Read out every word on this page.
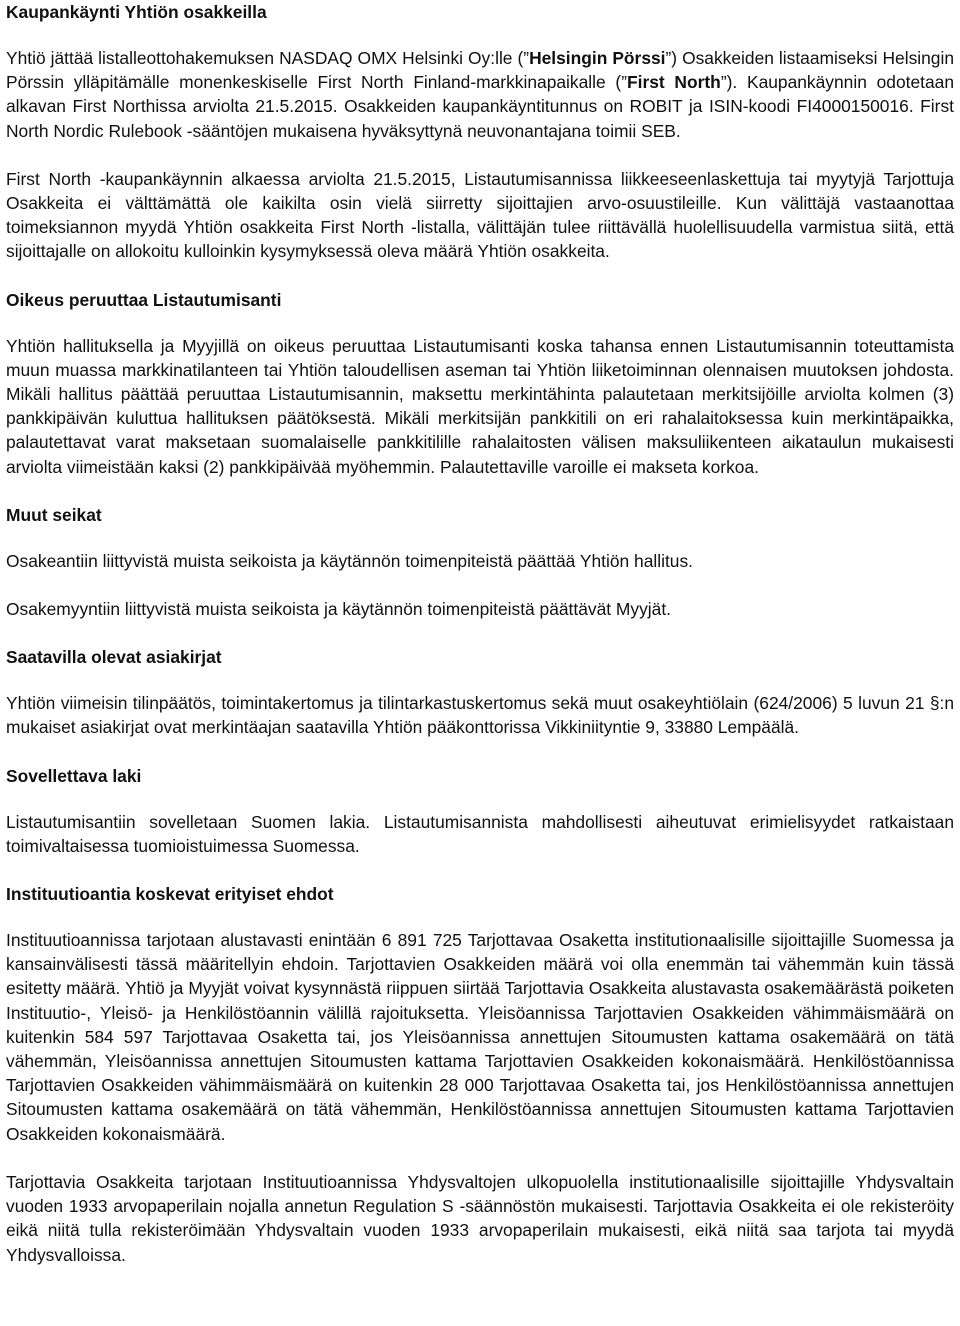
Kaupankäynti Yhtiön osakkeilla

Yhtiö jättää listalleottohakemuksen NASDAQ OMX Helsinki Oy:lle (”Helsingin Pörssi”) Osakkeiden listaamiseksi Helsingin Pörssin ylläpitämälle monenkeskiselle First North Finland-markkinapaikalle (”First North”). Kaupankäynnin odotetaan alkavan First Northissa arviolta 21.5.2015. Osakkeiden kaupankäyntitunnus on ROBIT ja ISIN-koodi FI4000150016. First North Nordic Rulebook -sääntöjen mukaisena hyväksyttynä neuvonantajana toimii SEB.

First North -kaupankäynnin alkaessa arviolta 21.5.2015, Listautumisannissa liikkeeseenlaskettuja tai myytyjä Tarjottuja Osakkeita ei välttämättä ole kaikilta osin vielä siirretty sijoittajien arvo-osuustileille. Kun välittäjä vastaanottaa toimeksiannon myydä Yhtiön osakkeita First North -listalla, välittäjän tulee riittävällä huolellisuudella varmistua siitä, että sijoittajalle on allokoitu kulloinkin kysymyksessä oleva määrä Yhtiön osakkeita.

Oikeus peruuttaa Listautumisanti

Yhtiön hallituksella ja Myyjillä on oikeus peruuttaa Listautumisanti koska tahansa ennen Listautumisannin toteuttamista muun muassa markkinatilanteen tai Yhtiön taloudellisen aseman tai Yhtiön liiketoiminnan olennaisen muutoksen johdosta. Mikäli hallitus päättää peruuttaa Listautumisannin, maksettu merkintähinta palautetaan merkitsijöille arviolta kolmen (3) pankkipäivän kuluttua hallituksen päätöksestä. Mikäli merkitsijän pankkitili on eri rahalaitoksessa kuin merkintäpaikka, palautettavat varat maksetaan suomalaiselle pankkitilille rahalaitosten välisen maksuliikenteen aikataulun mukaisesti arviolta viimeistään kaksi (2) pankkipäivää myöhemmin. Palautettaville varoille ei makseta korkoa.

Muut seikat

Osakeantiin liittyvistä muista seikoista ja käytännön toimenpiteistä päättää Yhtiön hallitus.

Osakemyyntiin liittyvistä muista seikoista ja käytännön toimenpiteistä päättävät Myyjät.

Saatavilla olevat asiakirjat

Yhtiön viimeisin tilinpäätös, toimintakertomus ja tilintarkastuskertomus sekä muut osakeyhtiölain (624/2006) 5 luvun 21 §:n mukaiset asiakirjat ovat merkintäajan saatavilla Yhtiön pääkonttorissa Vikkiniityntie 9, 33880 Lempäälä.

Sovellettava laki

Listautumisantiin sovelletaan Suomen lakia. Listautumisannista mahdollisesti aiheutuvat erimielisyydet ratkaistaan toimivaltaisessa tuomioistuimessa Suomessa.

Instituutioantia koskevat erityiset ehdot

Instituutioannissa tarjotaan alustavasti enintään 6 891 725 Tarjottavaa Osaketta institutionaalisille sijoittajille Suomessa ja kansainvälisesti tässä määritellyin ehdoin. Tarjottavien Osakkeiden määrä voi olla enemmän tai vähemmän kuin tässä esitetty määrä. Yhtiö ja Myyjät voivat kysynnästä riippuen siirtää Tarjottavia Osakkeita alustavasta osakemäärästä poiketen Instituutio-, Yleisö- ja Henkilöstöannin välillä rajoituksetta. Yleisöannissa Tarjottavien Osakkeiden vähimmäismäärä on kuitenkin 584 597 Tarjottavaa Osaketta tai, jos Yleisöannissa annettujen Sitoumusten kattama osakemäärä on tätä vähemmän, Yleisöannissa annettujen Sitoumusten kattama Tarjottavien Osakkeiden kokonaismäärä. Henkilöstöannissa Tarjottavien Osakkeiden vähimmäismäärä on kuitenkin 28 000 Tarjottavaa Osaketta tai, jos Henkilöstöannissa annettujen Sitoumusten kattama osakemäärä on tätä vähemmän, Henkilöstöannissa annettujen Sitoumusten kattama Tarjottavien Osakkeiden kokonaismäärä.

Tarjottavia Osakkeita tarjotaan Instituutioannissa Yhdysvaltojen ulkopuolella institutionaalisille sijoittajille Yhdysvaltain vuoden 1933 arvopaperilain nojalla annetun Regulation S -säännöstön mukaisesti. Tarjottavia Osakkeita ei ole rekisteröity eikä niitä tulla rekisteröimään Yhdysvaltain vuoden 1933 arvopaperilain mukaisesti, eikä niitä saa tarjota tai myydä Yhdysvalloissa.
